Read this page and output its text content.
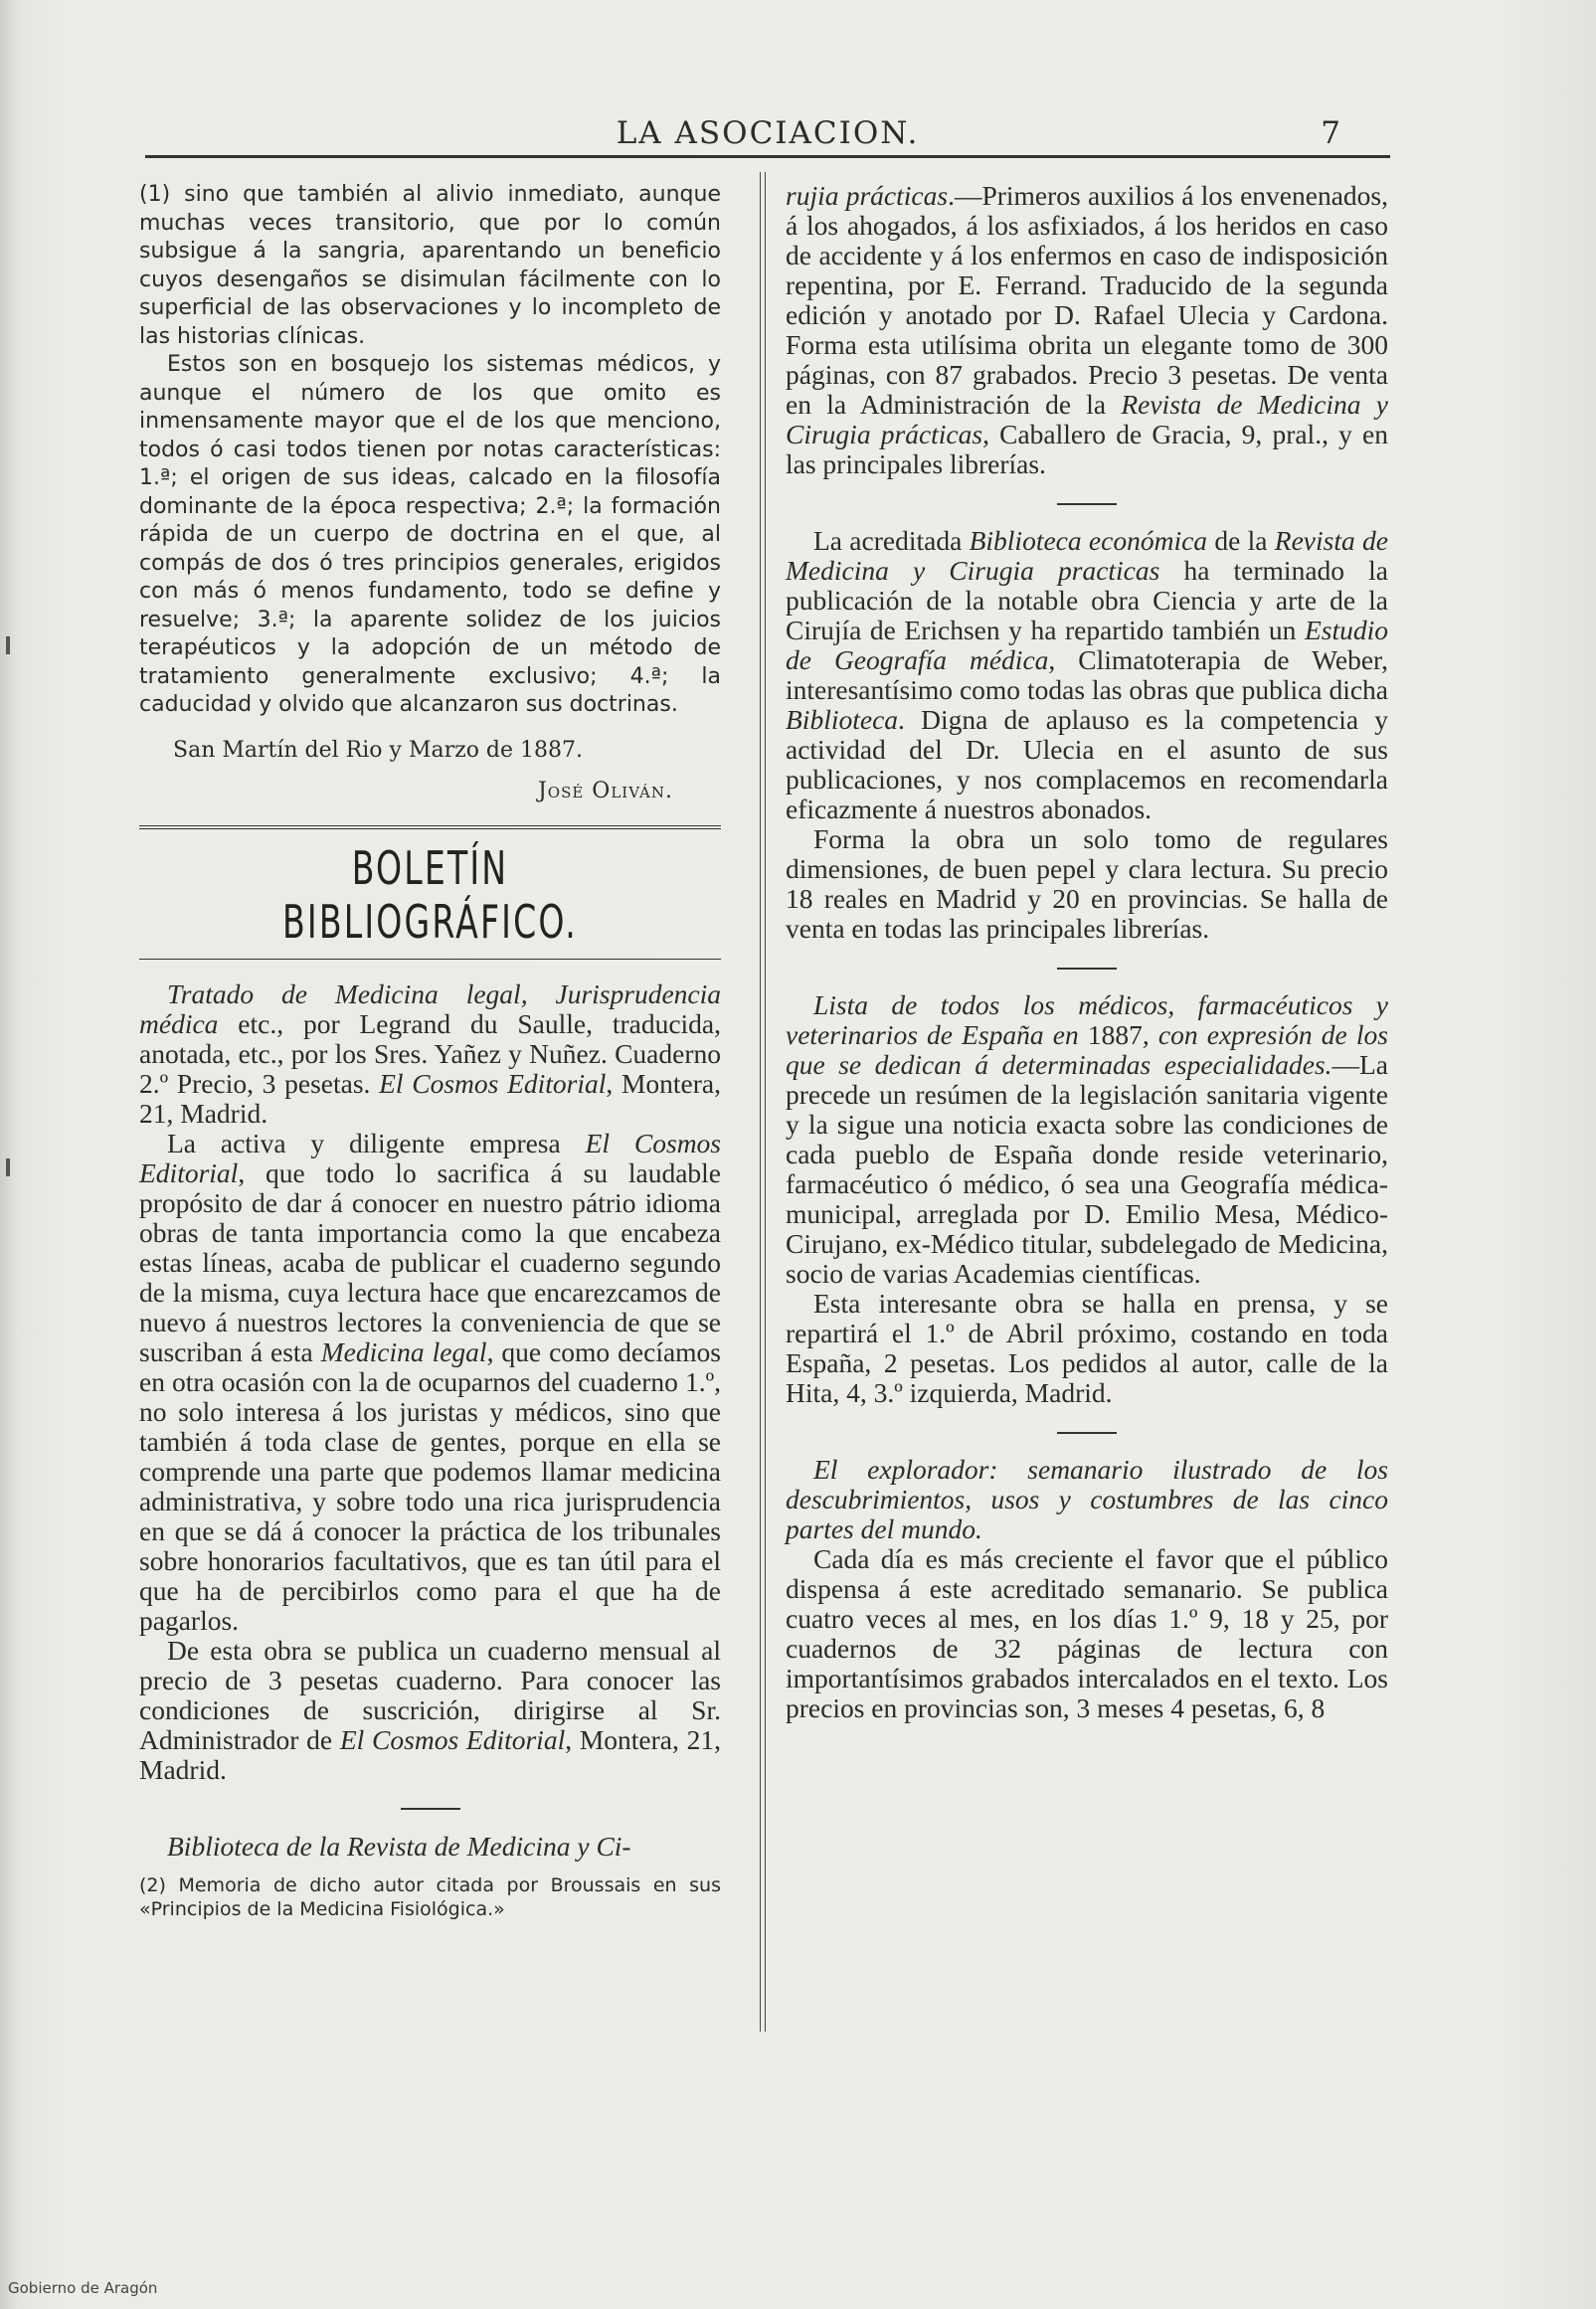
LA ASOCIACION.	7

(1) sino que también al alivio inmediato, aunque muchas veces transitorio, que por lo común subsigue á la sangria, aparentando un beneficio cuyos desengaños se disimulan fácilmente con lo superficial de las observaciones y lo incompleto de las historias clínicas.

Estos son en bosquejo los sistemas médicos, y aunque el número de los que omito es inmensamente mayor que el de los que menciono, todos ó casi todos tienen por notas características: 1.ª; el origen de sus ideas, calcado en la filosofía dominante de la época respectiva; 2.ª; la formación rápida de un cuerpo de doctrina en el que, al compás de dos ó tres principios generales, erigidos con más ó menos fundamento, todo se define y resuelve; 3.ª; la aparente solidez de los juicios terapéuticos y la adopción de un método de tratamiento generalmente exclusivo; 4.ª; la caducidad y olvido que alcanzaron sus doctrinas.

San Martín del Rio y Marzo de 1887.
José Oliván.
BOLETÍN BIBLIOGRÁFICO.

Tratado de Medicina legal, Jurisprudencia médica etc., por Legrand du Saulle, traducida, anotada, etc., por los Sres. Yañez y Nuñez. Cuaderno 2.º Precio, 3 pesetas. El Cosmos Editorial, Montera, 21, Madrid.

La activa y diligente empresa El Cosmos Editorial, que todo lo sacrifica á su laudable propósito de dar á conocer en nuestro pátrio idioma obras de tanta importancia como la que encabeza estas líneas, acaba de publicar el cuaderno segundo de la misma, cuya lectura hace que encarezcamos de nuevo á nuestros lectores la conveniencia de que se suscriban á esta Medicina legal, que como decíamos en otra ocasión con la de ocuparnos del cuaderno 1.º, no solo interesa á los juristas y médicos, sino que también á toda clase de gentes, porque en ella se comprende una parte que podemos llamar medicina administrativa, y sobre todo una rica jurisprudencia en que se dá á conocer la práctica de los tribunales sobre honorarios facultativos, que es tan útil para el que ha de percibirlos como para el que ha de pagarlos.

De esta obra se publica un cuaderno mensual al precio de 3 pesetas cuaderno. Para conocer las condiciones de suscrición, dirigirse al Sr. Administrador de El Cosmos Editorial, Montera, 21, Madrid.

Biblioteca de la Revista de Medicina y Ci-

(2) Memoria de dicho autor citada por Broussais en sus «Principios de la Medicina Fisiológica.»

rujia prácticas.—Primeros auxilios á los envenenados, á los ahogados, á los asfixiados, á los heridos en caso de accidente y á los enfermos en caso de indisposición repentina, por E. Ferrand. Traducido de la segunda edición y anotado por D. Rafael Ulecia y Cardona. Forma esta utilísima obrita un elegante tomo de 300 páginas, con 87 grabados. Precio 3 pesetas. De venta en la Administración de la Revista de Medicina y Cirugia prácticas, Caballero de Gracia, 9, pral., y en las principales librerías.

La acreditada Biblioteca económica de la Revista de Medicina y Cirugia practicas ha terminado la publicación de la notable obra Ciencia y arte de la Cirujía de Erichsen y ha repartido también un Estudio de Geografía médica, Climatoterapia de Weber, interesantísimo como todas las obras que publica dicha Biblioteca. Digna de aplauso es la competencia y actividad del Dr. Ulecia en el asunto de sus publicaciones, y nos complacemos en recomendarla eficazmente á nuestros abonados.

Forma la obra un solo tomo de regulares dimensiones, de buen pepel y clara lectura. Su precio 18 reales en Madrid y 20 en provincias. Se halla de venta en todas las principales librerías.

Lista de todos los médicos, farmacéuticos y veterinarios de España en 1887, con expresión de los que se dedican á determinadas especialidades.—La precede un resúmen de la legislación sanitaria vigente y la sigue una noticia exacta sobre las condiciones de cada pueblo de España donde reside veterinario, farmacéutico ó médico, ó sea una Geografía médica-municipal, arreglada por D. Emilio Mesa, Médico-Cirujano, ex-Médico titular, subdelegado de Medicina, socio de varias Academias científicas.

Esta interesante obra se halla en prensa, y se repartirá el 1.º de Abril próximo, costando en toda España, 2 pesetas. Los pedidos al autor, calle de la Hita, 4, 3.º izquierda, Madrid.

El explorador: semanario ilustrado de los descubrimientos, usos y costumbres de las cinco partes del mundo.

Cada día es más creciente el favor que el público dispensa á este acreditado semanario. Se publica cuatro veces al mes, en los días 1.º 9, 18 y 25, por cuadernos de 32 páginas de lectura con importantísimos grabados intercalados en el texto. Los precios en provincias son, 3 meses 4 pesetas, 6, 8

Gobierno de Aragón
